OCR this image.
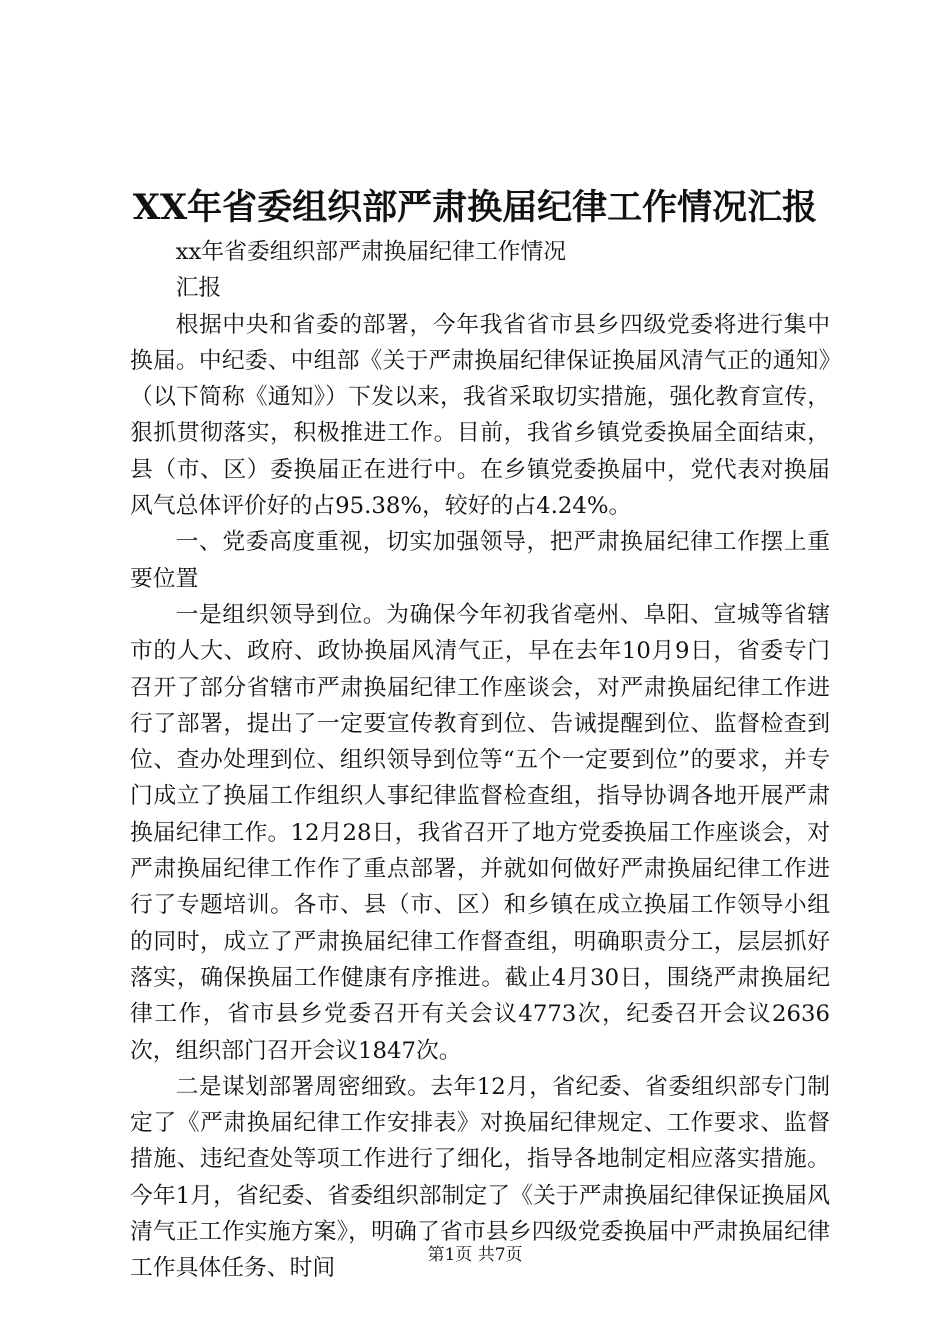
XX年省委组织部严肃换届纪律工作情况汇报

xx年省委组织部严肃换届纪律工作情况

汇报

根据中央和省委的部署，今年我省省市县乡四级党委将进行集中换届。中纪委、中组部《关于严肃换届纪律保证换届风清气正的通知》（以下简称《通知》）下发以来，我省采取切实措施，强化教育宣传，狠抓贯彻落实，积极推进工作。目前，我省乡镇党委换届全面结束，县（市、区）委换届正在进行中。在乡镇党委换届中，党代表对换届风气总体评价好的占95.38%，较好的占4.24%。

一、党委高度重视，切实加强领导，把严肃换届纪律工作摆上重要位置

一是组织领导到位。为确保今年初我省亳州、阜阳、宣城等省辖市的人大、政府、政协换届风清气正，早在去年10月9日，省委专门召开了部分省辖市严肃换届纪律工作座谈会，对严肃换届纪律工作进行了部署，提出了一定要宣传教育到位、告诫提醒到位、监督检查到位、查办处理到位、组织领导到位等“五个一定要到位”的要求，并专门成立了换届工作组织人事纪律监督检查组，指导协调各地开展严肃换届纪律工作。12月28日，我省召开了地方党委换届工作座谈会，对严肃换届纪律工作作了重点部署，并就如何做好严肃换届纪律工作进行了专题培训。各市、县（市、区）和乡镇在成立换届工作领导小组的同时，成立了严肃换届纪律工作督查组，明确职责分工，层层抓好落实，确保换届工作健康有序推进。截止4月30日，围绕严肃换届纪律工作，省市县乡党委召开有关会议4773次，纪委召开会议2636次，组织部门召开会议1847次。

二是谋划部署周密细致。去年12月，省纪委、省委组织部专门制定了《严肃换届纪律工作安排表》对换届纪律规定、工作要求、监督措施、违纪查处等项工作进行了细化，指导各地制定相应落实措施。今年1月，省纪委、省委组织部制定了《关于严肃换届纪律保证换届风清气正工作实施方案》，明确了省市县乡四级党委换届中严肃换届纪律工作具体任务、时间

第1页 共7页
